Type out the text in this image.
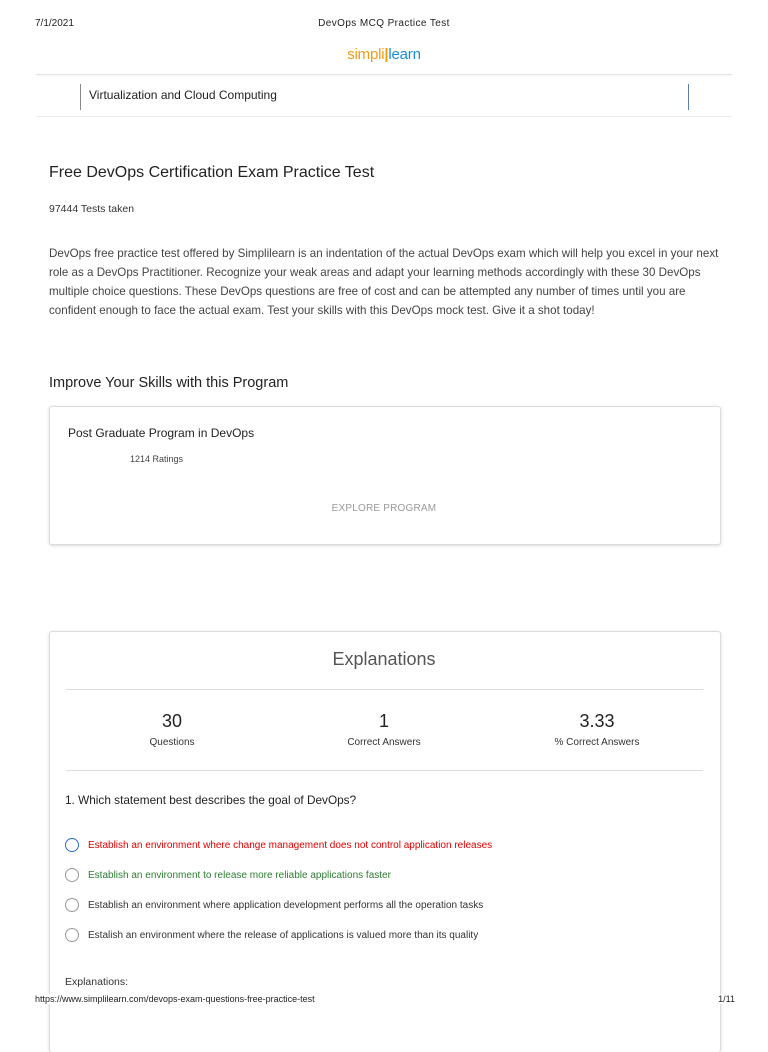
7/1/2021	DevOps MCQ Practice Test
simpli|learn
Virtualization and Cloud Computing
Free DevOps Certification Exam Practice Test
97444 Tests taken
DevOps free practice test offered by Simplilearn is an indentation of the actual DevOps exam which will help you excel in your next role as a DevOps Practitioner. Recognize your weak areas and adapt your learning methods accordingly with these 30 DevOps multiple choice questions. These DevOps questions are free of cost and can be attempted any number of times until you are confident enough to face the actual exam. Test your skills with this DevOps mock test. Give it a shot today!
Improve Your Skills with this Program
Post Graduate Program in DevOps
1214 Ratings
EXPLORE PROGRAM
Explanations
30
Questions
1
Correct Answers
3.33
% Correct Answers
1. Which statement best describes the goal of DevOps?
Establish an environment where change management does not control application releases
Establish an environment to release more reliable applications faster
Establish an environment where application development performs all the operation tasks
Estalish an environment where the release of applications is valued more than its quality
Explanations:
https://www.simplilearn.com/devops-exam-questions-free-practice-test	1/11
